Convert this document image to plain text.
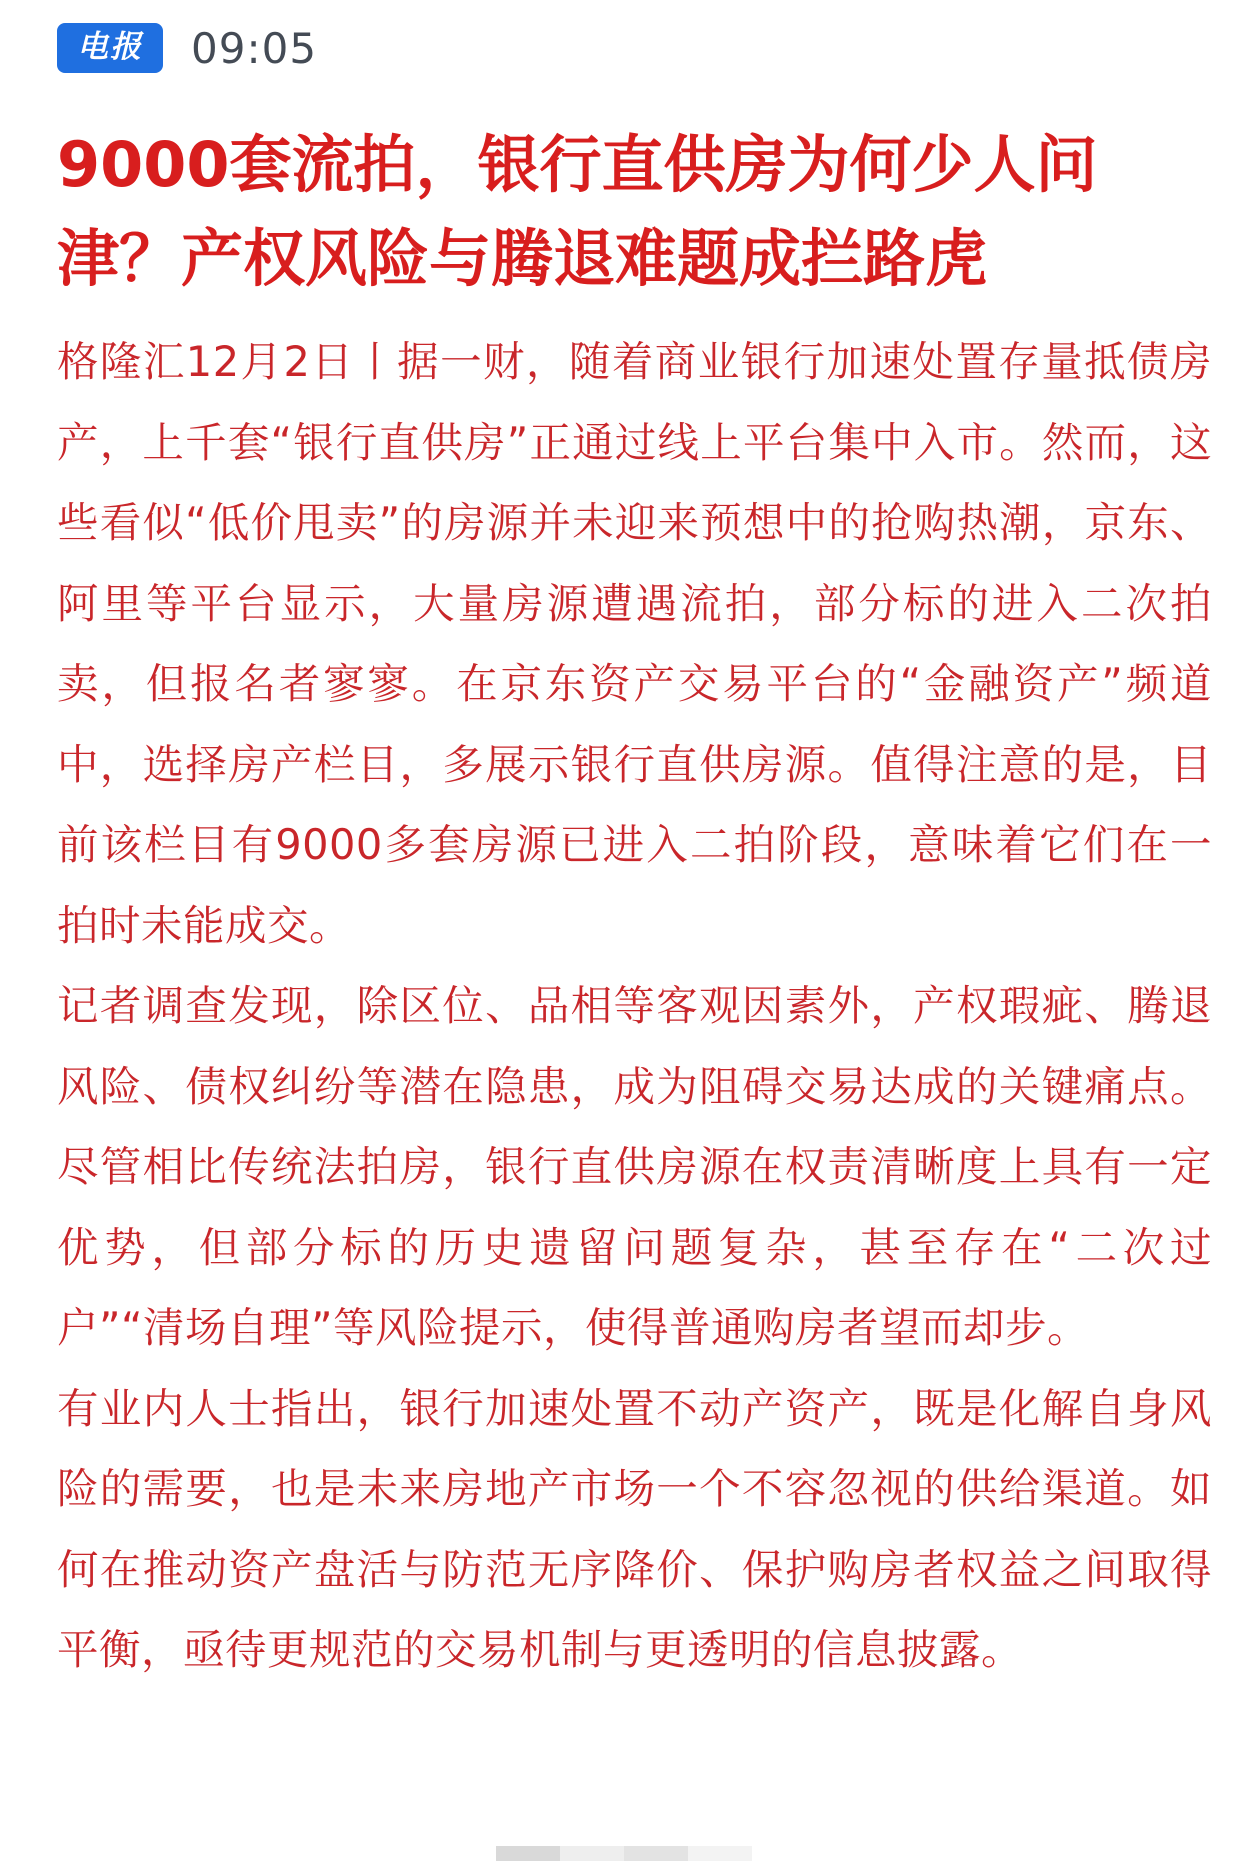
电报	09:05
9000套流拍，银行直供房为何少人问津？产权风险与腾退难题成拦路虎

格隆汇12月2日丨据一财，随着商业银行加速处置存量抵债房产，上千套“银行直供房”正通过线上平台集中入市。然而，这些看似“低价甩卖”的房源并未迎来预想中的抢购热潮，京东、阿里等平台显示，大量房源遭遇流拍，部分标的进入二次拍卖，但报名者寥寥。在京东资产交易平台的“金融资产”频道中，选择房产栏目，多展示银行直供房源。值得注意的是，目前该栏目有9000多套房源已进入二拍阶段，意味着它们在一拍时未能成交。

记者调查发现，除区位、品相等客观因素外，产权瑕疵、腾退风险、债权纠纷等潜在隐患，成为阻碍交易达成的关键痛点。尽管相比传统法拍房，银行直供房源在权责清晰度上具有一定优势，但部分标的历史遗留问题复杂，甚至存在“二次过户”“清场自理”等风险提示，使得普通购房者望而却步。

有业内人士指出，银行加速处置不动产资产，既是化解自身风险的需要，也是未来房地产市场一个不容忽视的供给渠道。如何在推动资产盘活与防范无序降价、保护购房者权益之间取得平衡，亟待更规范的交易机制与更透明的信息披露。
